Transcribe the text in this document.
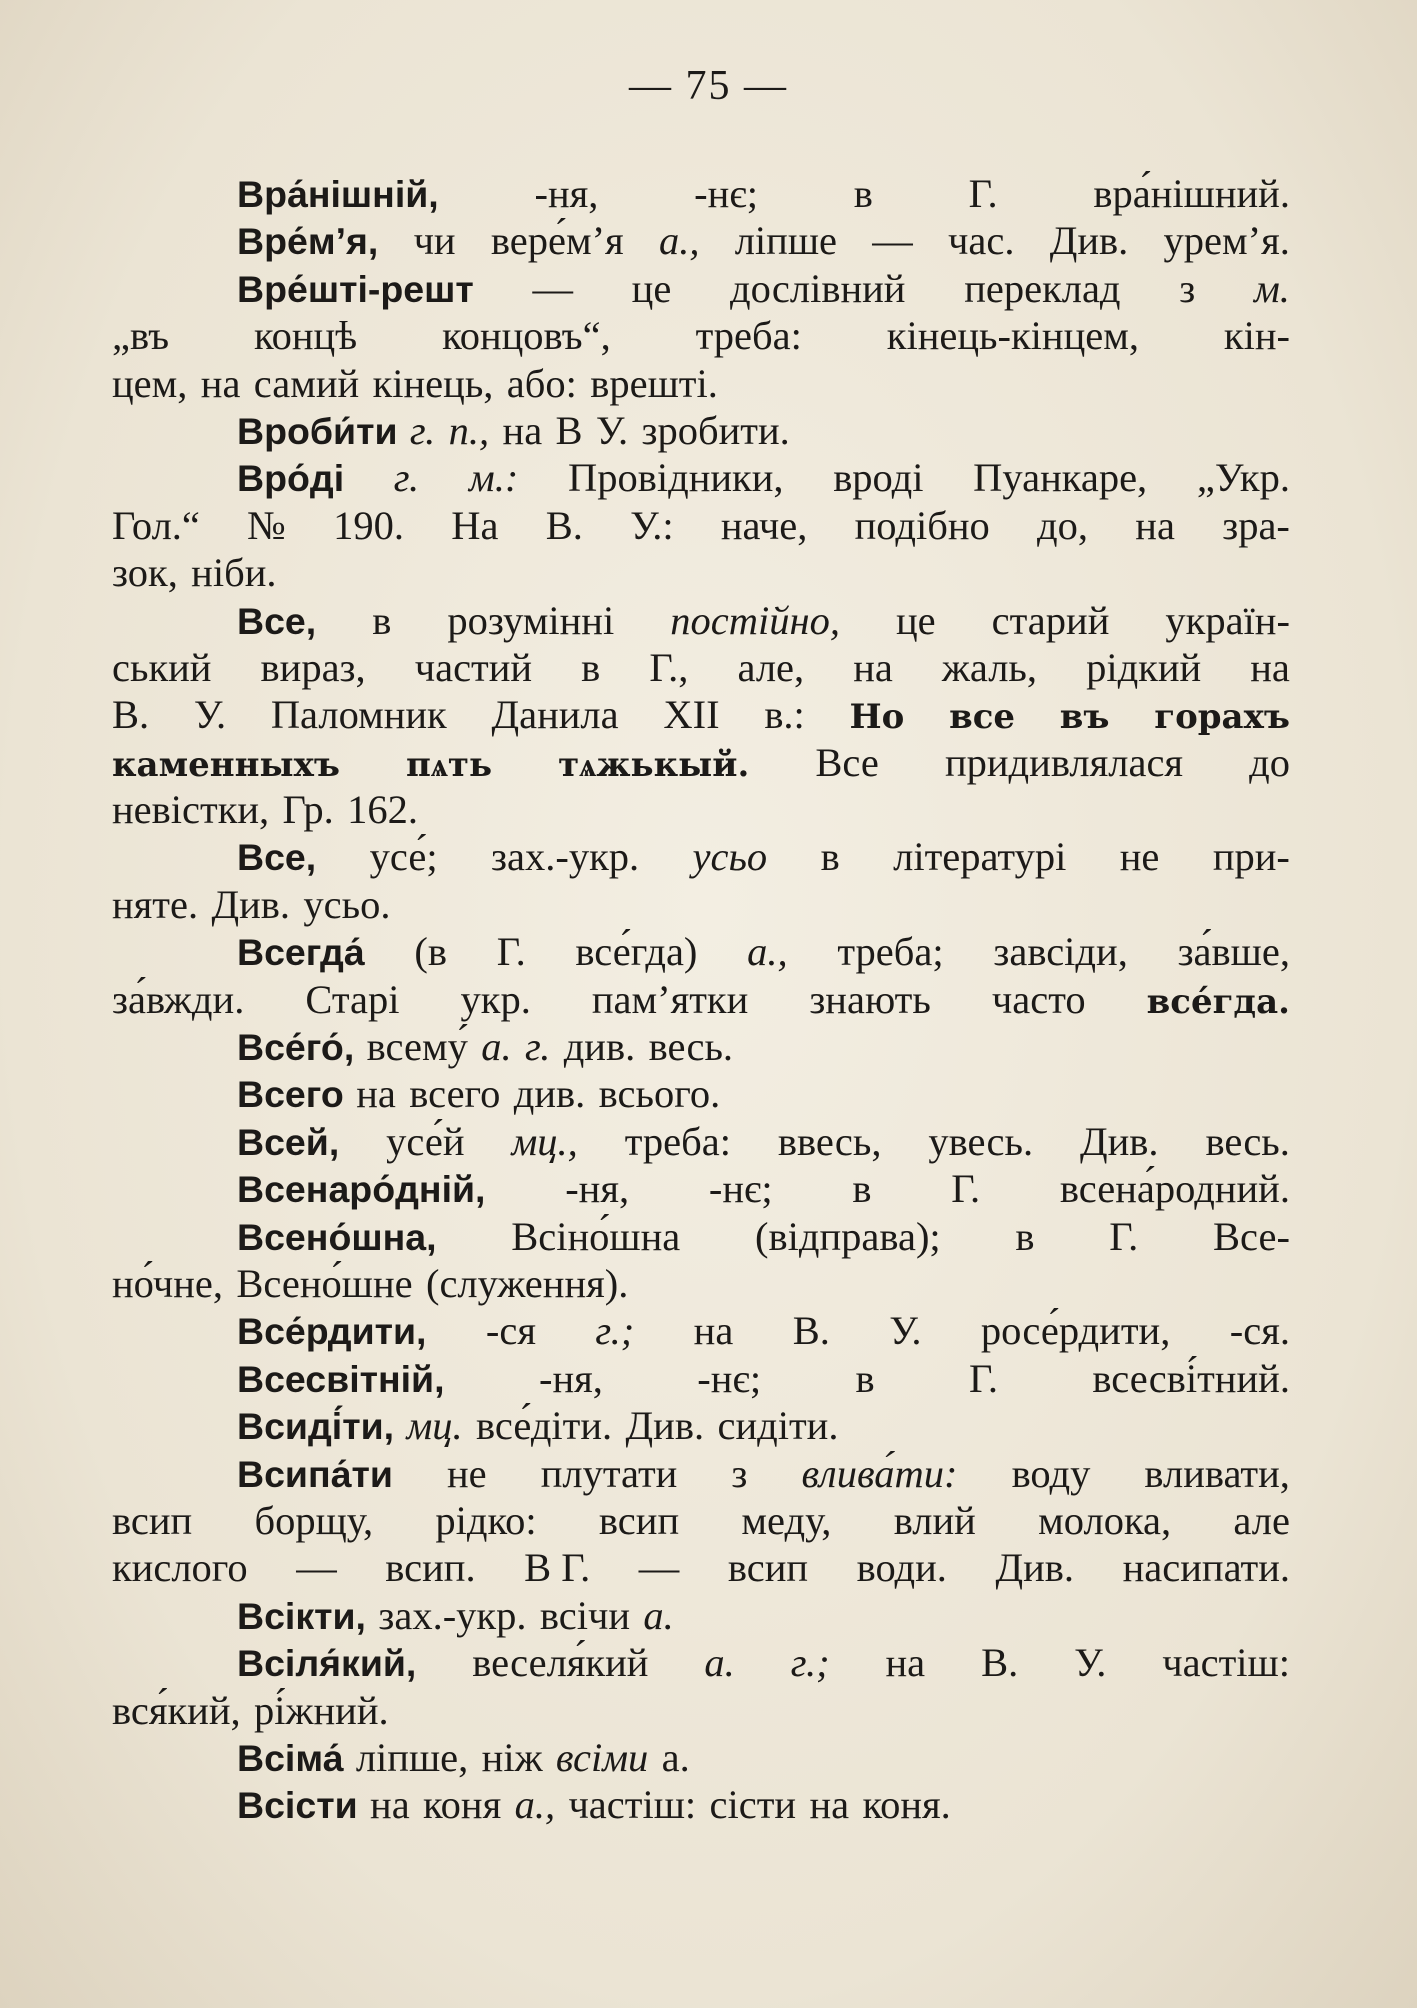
— 75 —
Вра́нішній, -ня, -нє; в Г. вра́нішний.
Вре́м’я, чи вере́м’я а., ліпше — час. Див. урем’я.
Вре́шті-решт — це дослівний переклад з м.
„въ концѣ концовъ“, треба: кінець-кінцем, кін-
цем, на самий кінець, або: врешті.
Вроби́ти г. п., на В У. зробити.
Вро́ді г. м.: Провідники, вроді Пуанкаре, „Укр.
Гол.“ № 190. На В. У.: наче, подібно до, на зра-
зок, ніби.
Все, в розумінні постійно, це старий україн-
ський вираз, частий в Г., але, на жаль, рідкий на
В. У. Паломник Данила XII в.: Но все въ горахъ
каменныхъ пѧть тѧжькый. Все придивлялася до
невістки, Гр. 162.
Все, усе́; зах.-укр. усьо в літературі не при-
няте. Див. усьо.
Всегда́ (в Г. все́гда) а., треба; завсіди, за́вше,
за́вжди. Старі укр. пам’ятки знають часто все́гда.
Все́го́, всему́ а. г. див. весь.
Всего на всего див. всього.
Всей, усе́й мц., треба: ввесь, увесь. Див. весь.
Всенаро́дній, -ня, -нє; в Г. всена́родний.
Всено́шна, Всіно́шна (відправа); в Г. Все-
но́чне, Всено́шне (служення).
Все́рдити, -ся г.; на В. У. росе́рдити, -ся.
Всесвітній, -ня, -нє; в Г. всесві́тний.
Всиді́ти, мц. все́діти. Див. сидіти.
Всипа́ти не плутати з влива́ти: воду вливати,
всип борщу, рідко: всип меду, влий молока, але
кислого — всип. В Г. — всип води. Див. насипати.
Всікти, зах.-укр. всічи а.
Всіля́кий, веселя́кий а. г.; на В. У. частіш:
вся́кий, рі́жний.
Всіма́ ліпше, ніж всіми а.
Всісти на коня а., частіш: сісти на коня.
